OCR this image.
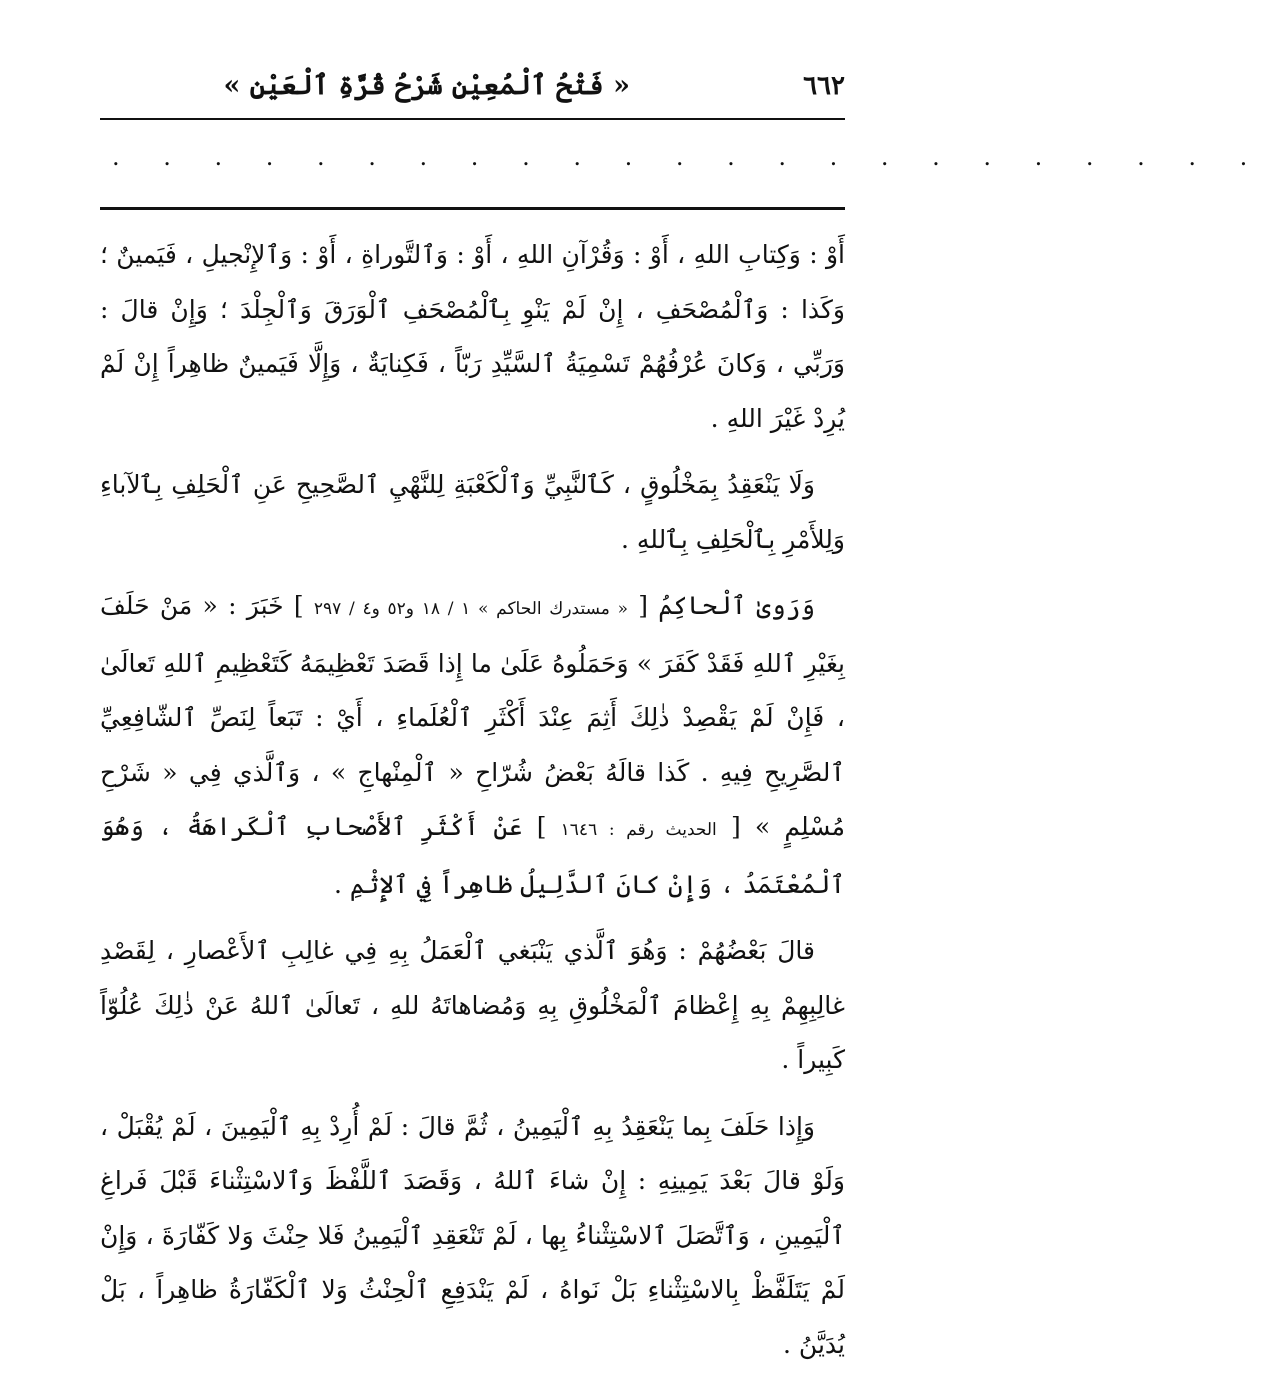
٦٦٢
« فَتْحُ ٱلْمُعِيْنِ شَرْحُ قُرَّةِ ٱلْعَيْنِ »
. . . . . . . . . . . . . . . . . . . . . . .

أَوْ : وَكِتابِ اللهِ ، أَوْ : وَقُرْآنِ اللهِ ، أَوْ : وَٱلتَّوراةِ ، أَوْ : وَٱلإِنْجيلِ ، فَيَمينٌ ؛ وَكَذا : وَٱلْمُصْحَفِ ، إِنْ لَمْ يَنْوِ بِٱلْمُصْحَفِ ٱلْوَرَقَ وَٱلْجِلْدَ ؛ وَإِنْ قالَ : وَرَبِّي ، وَكانَ عُرْفُهُمْ تَسْمِيَةُ ٱلسَّيِّدِ رَبّاً ، فَكِنايَةٌ ، وَإِلَّا فَيَمينٌ ظاهِراً إِنْ لَمْ يُرِدْ غَيْرَ اللهِ .

وَلَا يَنْعَقِدُ بِمَخْلُوقٍ ، كَٱلنَّبِيِّ وَٱلْكَعْبَةِ لِلنَّهْيِ ٱلصَّحِيحِ عَنِ ٱلْحَلِفِ بِٱلآباءِ وَلِلأَمْرِ بِٱلْحَلِفِ بِٱللهِ .

وَرَوىٰ ٱلْحاكِمُ [ « مستدرك الحاكم » ١ / ١٨ و٥٢ و٤ / ٢٩٧ ] خَبَرَ : « مَنْ حَلَفَ بِغَيْرِ ٱللهِ فَقَدْ كَفَرَ » وَحَمَلُوهُ عَلَىٰ ما إِذا قَصَدَ تَعْظِيمَهُ كَتَعْظِيمِ ٱللهِ تَعالَىٰ ، فَإِنْ لَمْ يَقْصِدْ ذٰلِكَ أَثِمَ عِنْدَ أَكْثَرِ ٱلْعُلَماءِ ، أَيْ : تَبَعاً لِنَصِّ ٱلشّافِعِيِّ ٱلصَّرِيحِ فِيهِ . كَذا قالَهُ بَعْضُ شُرّاحِ « ٱلْمِنْهاجِ » ، وَٱلَّذي فِي « شَرْحِ مُسْلِمٍ » [ الحديث رقم : ١٦٤٦ ] عَنْ أَكْثَرِ ٱلأَصْحابِ ٱلْكَراهَةُ ، وَهُوَ ٱلْمُعْتَمَدُ ، وَإِنْ كانَ ٱلدَّلِيلُ ظاهِراً فِي ٱلإِثْمِ .

قالَ بَعْضُهُمْ : وَهُوَ ٱلَّذي يَنْبَغي ٱلْعَمَلُ بِهِ فِي غالِبِ ٱلأَعْصارِ ، لِقَصْدِ غالِبِهِمْ بِهِ إِعْظامَ ٱلْمَخْلُوقِ بِهِ وَمُضاهاتَهُ للهِ ، تَعالَىٰ ٱللهُ عَنْ ذٰلِكَ عُلُوّاً كَبِيراً .

وَإِذا حَلَفَ بِما يَنْعَقِدُ بِهِ ٱلْيَمِينُ ، ثُمَّ قالَ : لَمْ أُرِدْ بِهِ ٱلْيَمِينَ ، لَمْ يُقْبَلْ ، وَلَوْ قالَ بَعْدَ يَمِينِهِ : إِنْ شاءَ ٱللهُ ، وَقَصَدَ ٱللَّفْظَ وَٱلاسْتِثْناءَ قَبْلَ فَراغِ ٱلْيَمِينِ ، وَٱتَّصَلَ ٱلاسْتِثْناءُ بِها ، لَمْ تَنْعَقِدِ ٱلْيَمِينُ فَلا حِنْثَ وَلا كَفّارَةَ ، وَإِنْ لَمْ يَتَلَفَّظْ بِالاسْتِثْناءِ بَلْ نَواهُ ، لَمْ يَنْدَفِعِ ٱلْحِنْثُ وَلا ٱلْكَفّارَةُ ظاهِراً ، بَلْ يُدَيَّنُ .
